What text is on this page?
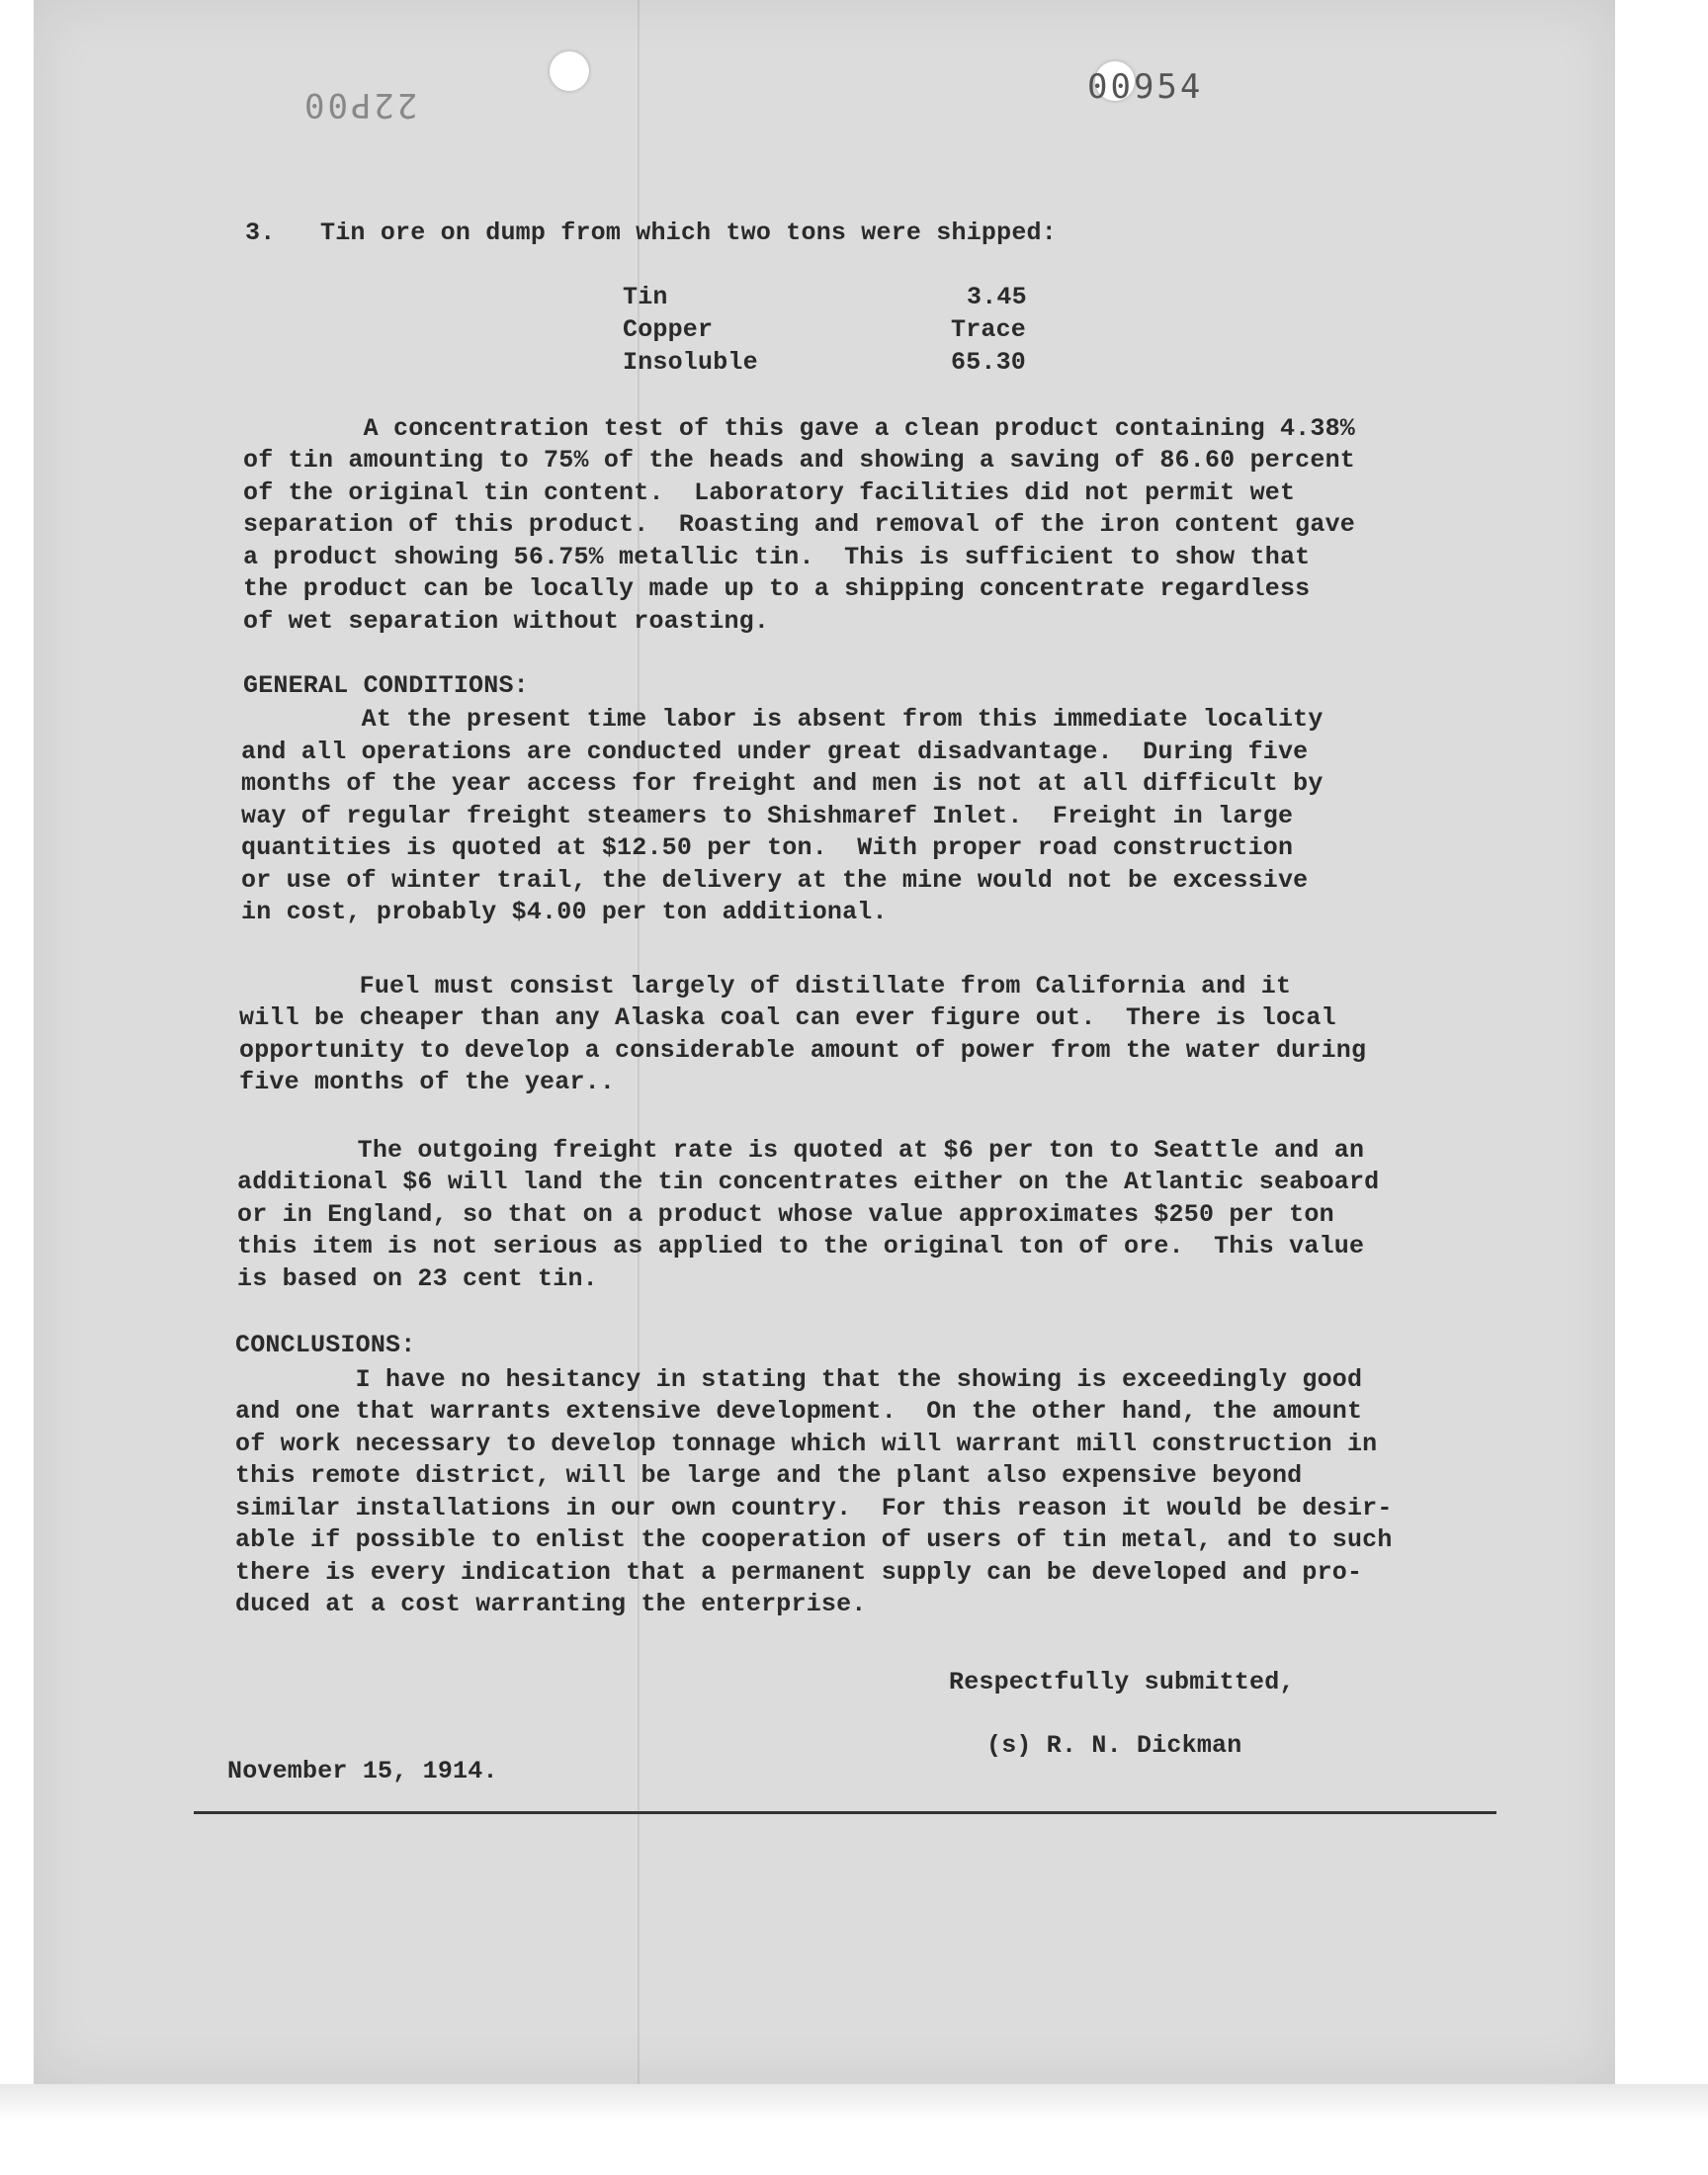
22P00	00954
3.   Tin ore on dump from which two tons were shipped:
Tin	3.45
Copper	Trace
Insoluble	65.30
A concentration test of this gave a clean product containing 4.38%
of tin amounting to 75% of the heads and showing a saving of 86.60 percent
of the original tin content.  Laboratory facilities did not permit wet
separation of this product.  Roasting and removal of the iron content gave
a product showing 56.75% metallic tin.  This is sufficient to show that
the product can be locally made up to a shipping concentrate regardless
of wet separation without roasting.
GENERAL CONDITIONS:
At the present time labor is absent from this immediate locality
and all operations are conducted under great disadvantage.  During five
months of the year access for freight and men is not at all difficult by
way of regular freight steamers to Shishmaref Inlet.  Freight in large
quantities is quoted at $12.50 per ton.  With proper road construction
or use of winter trail, the delivery at the mine would not be excessive
in cost, probably $4.00 per ton additional.
Fuel must consist largely of distillate from California and it
will be cheaper than any Alaska coal can ever figure out.  There is local
opportunity to develop a considerable amount of power from the water during
five months of the year..
The outgoing freight rate is quoted at $6 per ton to Seattle and an
additional $6 will land the tin concentrates either on the Atlantic seaboard
or in England, so that on a product whose value approximates $250 per ton
this item is not serious as applied to the original ton of ore.  This value
is based on 23 cent tin.
CONCLUSIONS:
I have no hesitancy in stating that the showing is exceedingly good
and one that warrants extensive development.  On the other hand, the amount
of work necessary to develop tonnage which will warrant mill construction in
this remote district, will be large and the plant also expensive beyond
similar installations in our own country.  For this reason it would be desir-
able if possible to enlist the cooperation of users of tin metal, and to such
there is every indication that a permanent supply can be developed and pro-
duced at a cost warranting the enterprise.
Respectfully submitted,
(s) R. N. Dickman
November 15, 1914.
